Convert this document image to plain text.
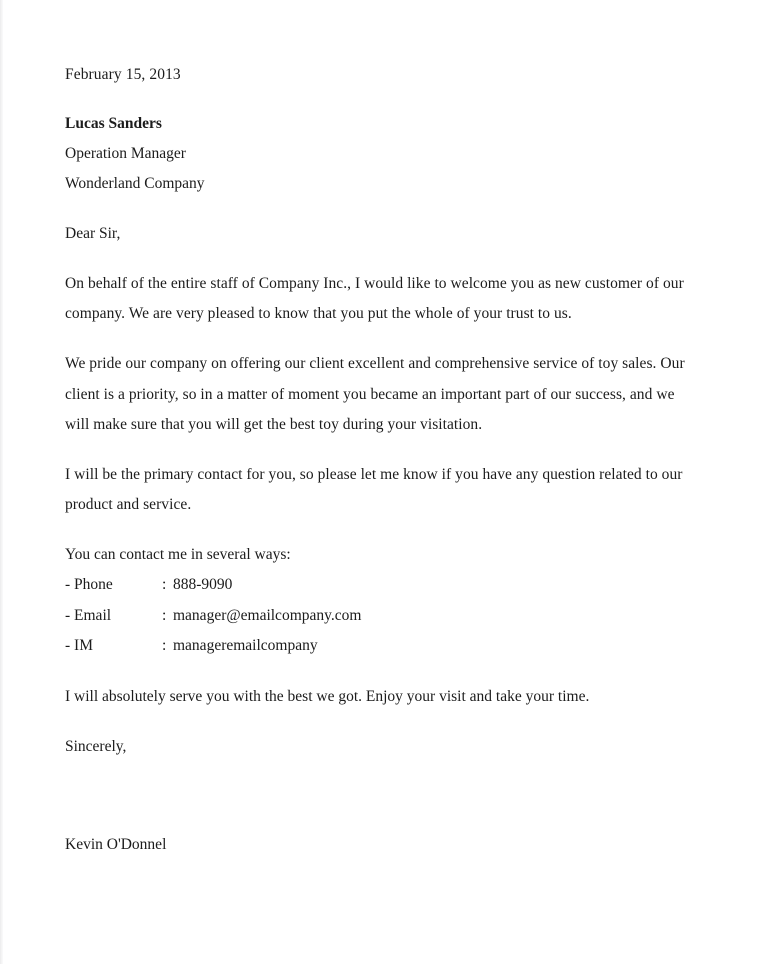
February 15, 2013
Lucas Sanders
Operation Manager
Wonderland Company
Dear Sir,
On behalf of the entire staff of Company Inc., I would like to welcome you as new customer of our company. We are very pleased to know that you put the whole of your trust to us.
We pride our company on offering our client excellent and comprehensive service of toy sales. Our client is a priority, so in a matter of moment you became an important part of our success, and we will make sure that you will get the best toy during your visitation.
I will be the primary contact for you, so please let me know if you have any question related to our product and service.
You can contact me in several ways:
- Phone	: 888-9090
- Email	: manager@emailcompany.com
- IM	: manageremailcompany
I will absolutely serve you with the best we got. Enjoy your visit and take your time.
Sincerely,
Kevin O'Donnel
